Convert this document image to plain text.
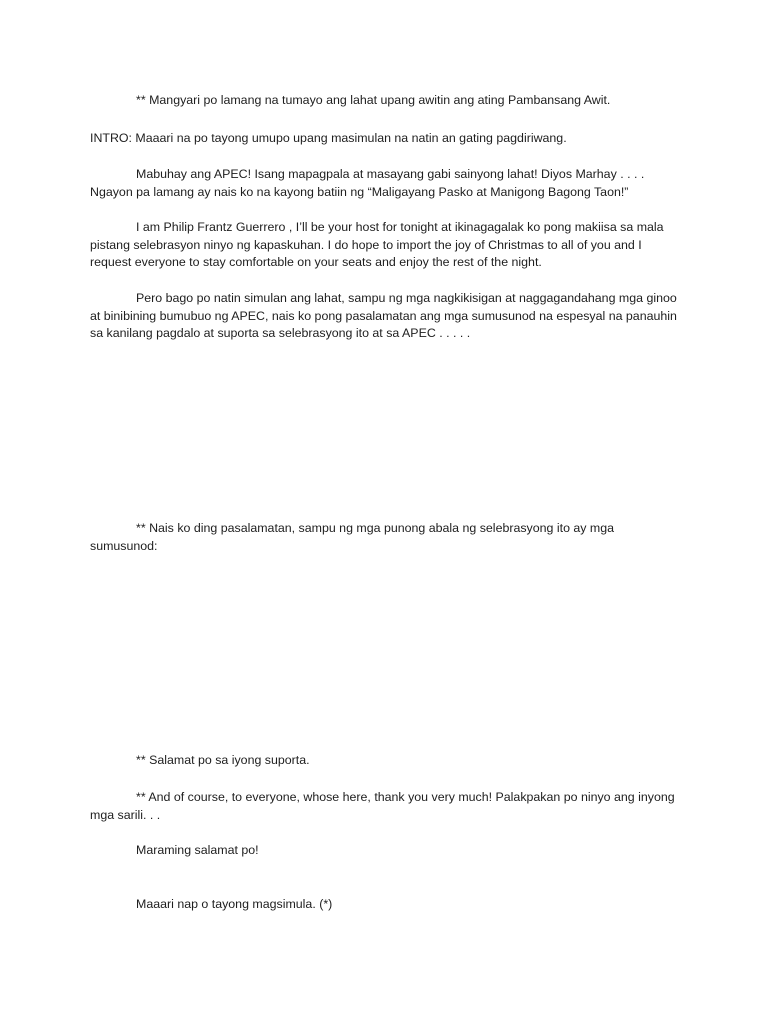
** Mangyari po lamang na tumayo ang lahat upang awitin ang ating Pambansang Awit.

INTRO: Maaari na po tayong umupo upang masimulan na natin an gating pagdiriwang.

Mabuhay ang APEC! Isang mapagpala at masayang gabi sainyong lahat! Diyos Marhay . . . .
Ngayon pa lamang ay nais ko na kayong batiin ng “Maligayang Pasko at Manigong Bagong Taon!”

I am Philip Frantz Guerrero , I’ll be your host for tonight at ikinagagalak ko pong makiisa sa mala
pistang selebrasyon ninyo ng kapaskuhan. I do hope to import the joy of Christmas to all of you and I
request everyone to stay comfortable on your seats and enjoy the rest of the night.

Pero bago po natin simulan ang lahat, sampu ng mga nagkikisigan at naggagandahang mga ginoo
at binibining bumubuo ng APEC, nais ko pong pasalamatan ang mga sumusunod na espesyal na panauhin
sa kanilang pagdalo at suporta sa selebrasyong ito at sa APEC . . . . .

** Nais ko ding pasalamatan, sampu ng mga punong abala ng selebrasyong ito ay mga
sumusunod:

** Salamat po sa iyong suporta.

** And of course, to everyone, whose here, thank you very much! Palakpakan po ninyo ang inyong
mga sarili. . .

Maraming salamat po!

Maaari nap o tayong magsimula. (*)
